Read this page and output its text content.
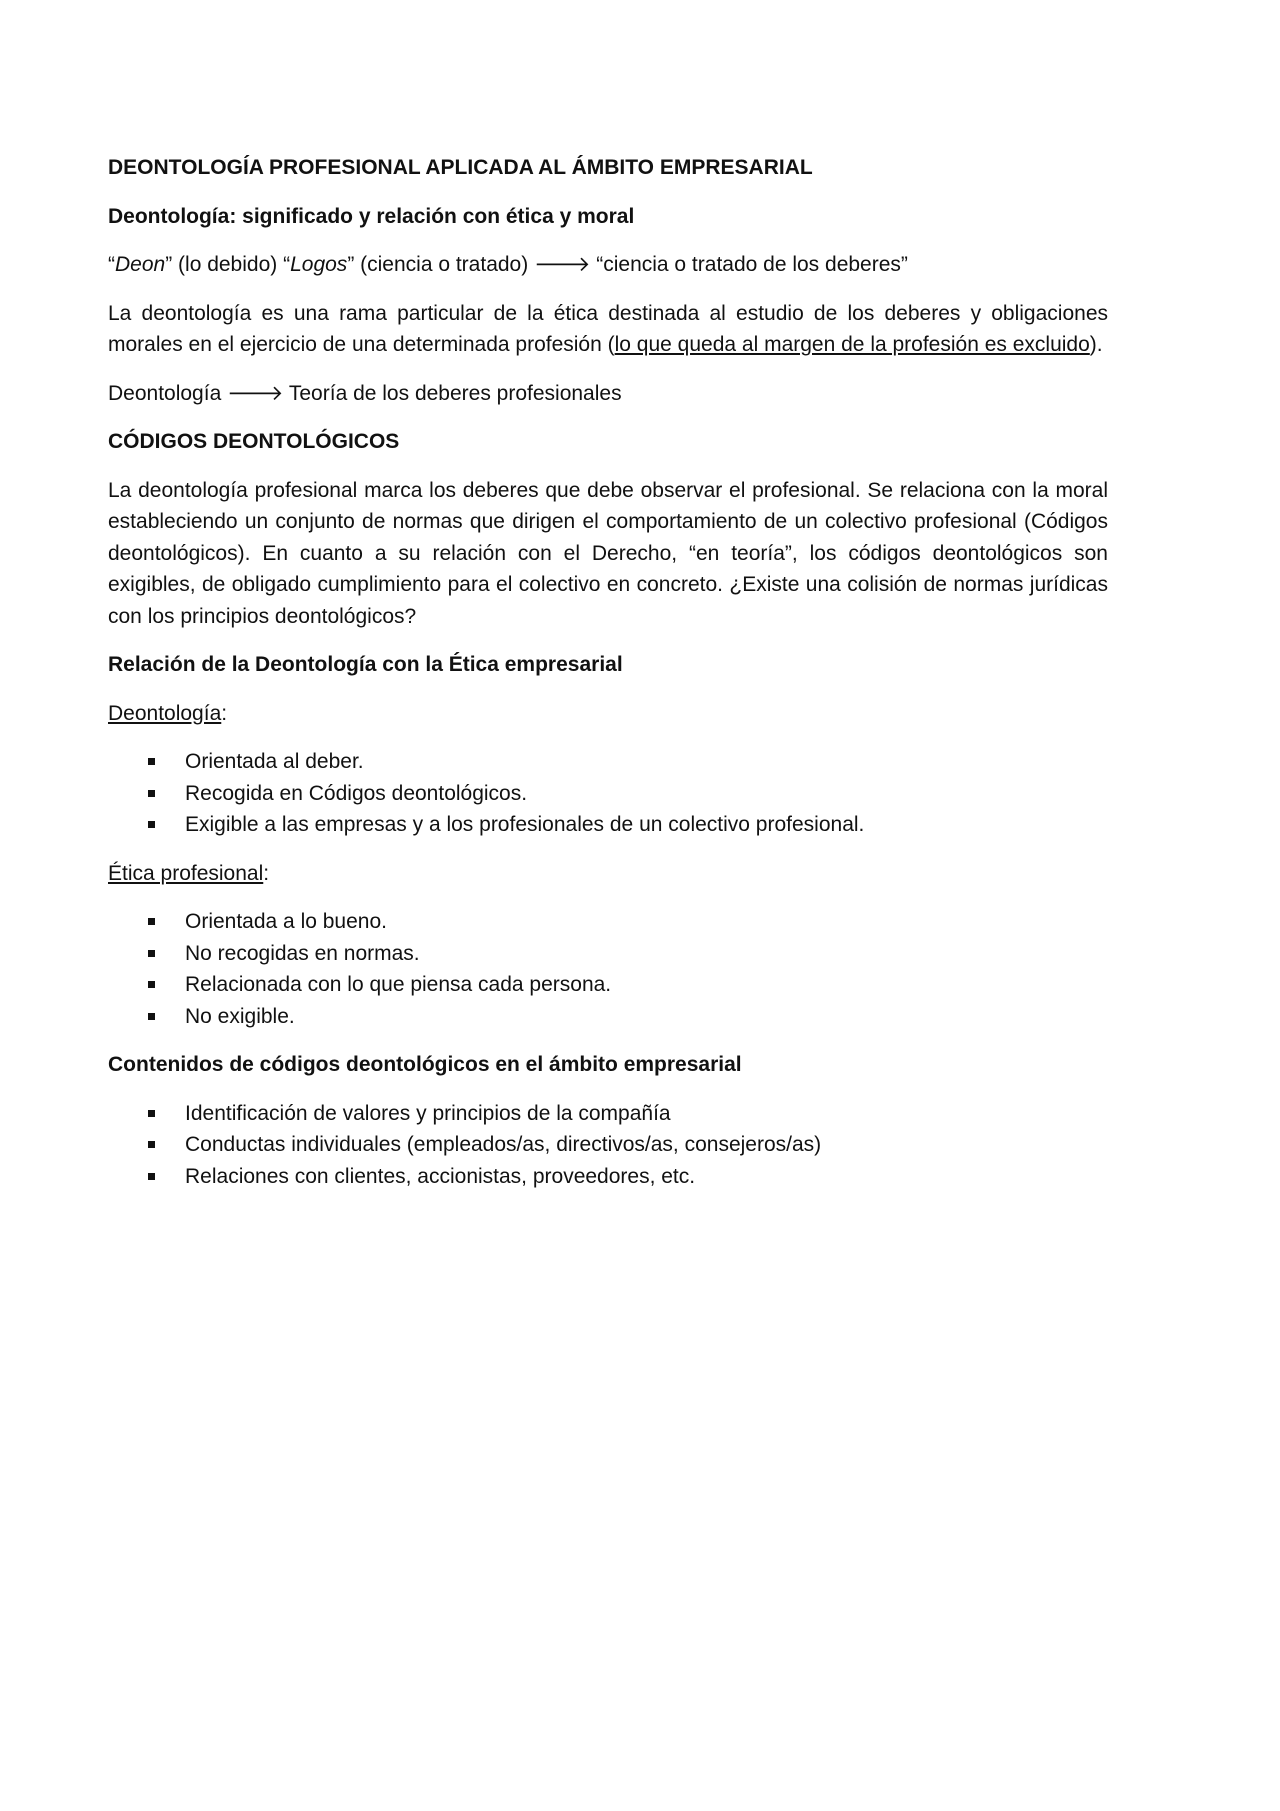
DEONTOLOGÍA PROFESIONAL APLICADA AL ÁMBITO EMPRESARIAL

Deontología: significado y relación con ética y moral

“Deon” (lo debido) “Logos” (ciencia o tratado) 🡒 “ciencia o tratado de los deberes”

La deontología es una rama particular de la ética destinada al estudio de los deberes y obligaciones morales en el ejercicio de una determinada profesión (lo que queda al margen de la profesión es excluido).

Deontología 🡒 Teoría de los deberes profesionales

CÓDIGOS DEONTOLÓGICOS

La deontología profesional marca los deberes que debe observar el profesional. Se relaciona con la moral estableciendo un conjunto de normas que dirigen el comportamiento de un colectivo profesional (Códigos deontológicos). En cuanto a su relación con el Derecho, “en teoría”, los códigos deontológicos son exigibles, de obligado cumplimiento para el colectivo en concreto. ¿Existe una colisión de normas jurídicas con los principios deontológicos?

Relación de la Deontología con la Ética empresarial

Deontología:

Orientada al deber.
Recogida en Códigos deontológicos.
Exigible a las empresas y a los profesionales de un colectivo profesional.

Ética profesional:

Orientada a lo bueno.
No recogidas en normas.
Relacionada con lo que piensa cada persona.
No exigible.

Contenidos de códigos deontológicos en el ámbito empresarial

Identificación de valores y principios de la compañía
Conductas individuales (empleados/as, directivos/as, consejeros/as)
Relaciones con clientes, accionistas, proveedores, etc.
